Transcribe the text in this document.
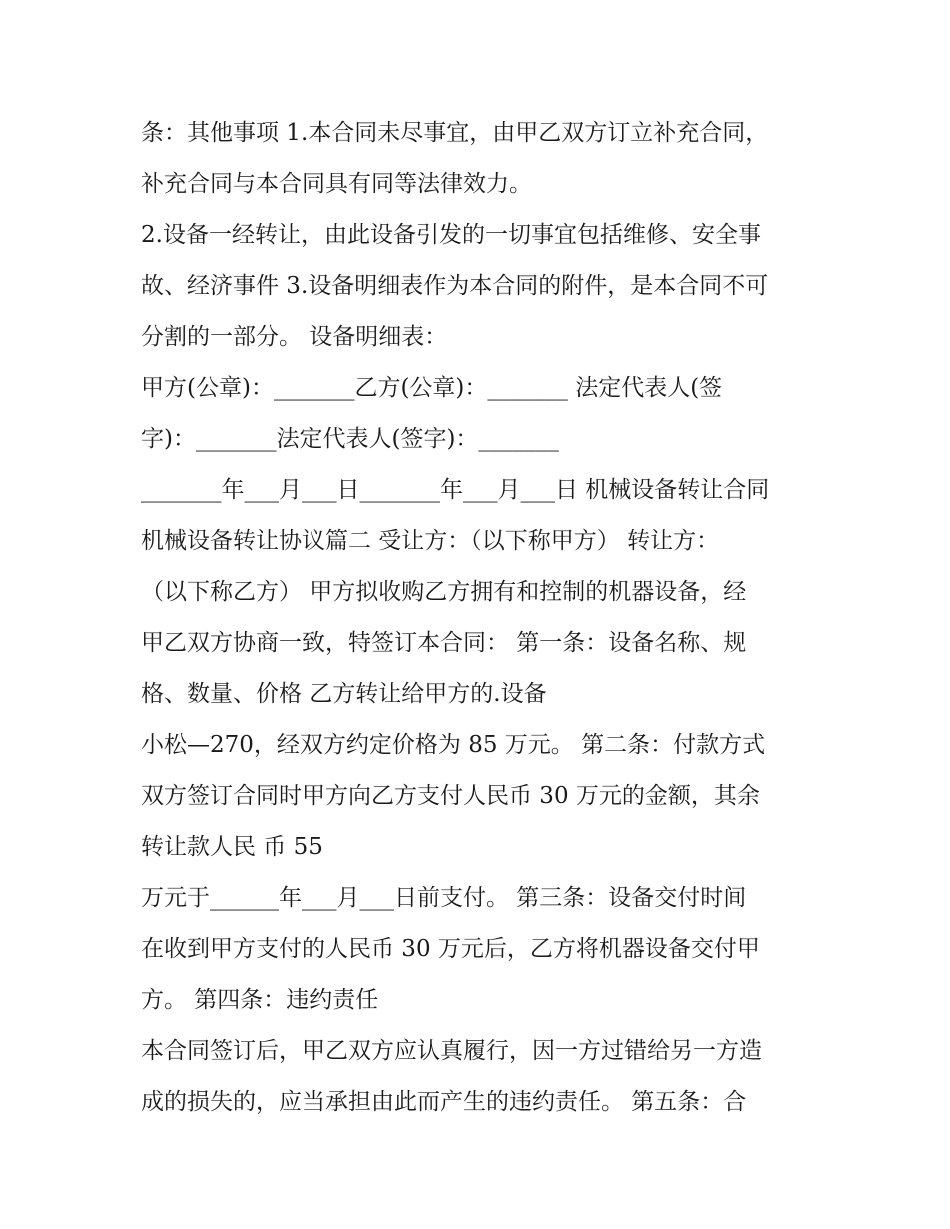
条：其他事项 1.本合同未尽事宜，由甲乙双方订立补充合同，
补充合同与本合同具有同等法律效力。
2.设备一经转让，由此设备引发的一切事宜包括维修、安全事
故、经济事件 3.设备明细表作为本合同的附件，是本合同不可
分割的一部分。 设备明细表：
甲方(公章)：_______乙方(公章)：_______ 法定代表人(签
字)：_______法定代表人(签字)：_______
_______年___月___日_______年___月___日 机械设备转让合同
机械设备转让协议篇二 受让方：（以下称甲方） 转让方：
（以下称乙方） 甲方拟收购乙方拥有和控制的机器设备，经
甲乙双方协商一致，特签订本合同： 第一条：设备名称、规
格、数量、价格 乙方转让给甲方的.设备
小松—270，经双方约定价格为 85 万元。 第二条：付款方式
双方签订合同时甲方向乙方支付人民币 30 万元的金额，其余
转让款人民 币 55
万元于______年___月___日前支付。 第三条：设备交付时间
在收到甲方支付的人民币 30 万元后，乙方将机器设备交付甲
方。 第四条：违约责任
本合同签订后，甲乙双方应认真履行，因一方过错给另一方造
成的损失的，应当承担由此而产生的违约责任。 第五条：合
